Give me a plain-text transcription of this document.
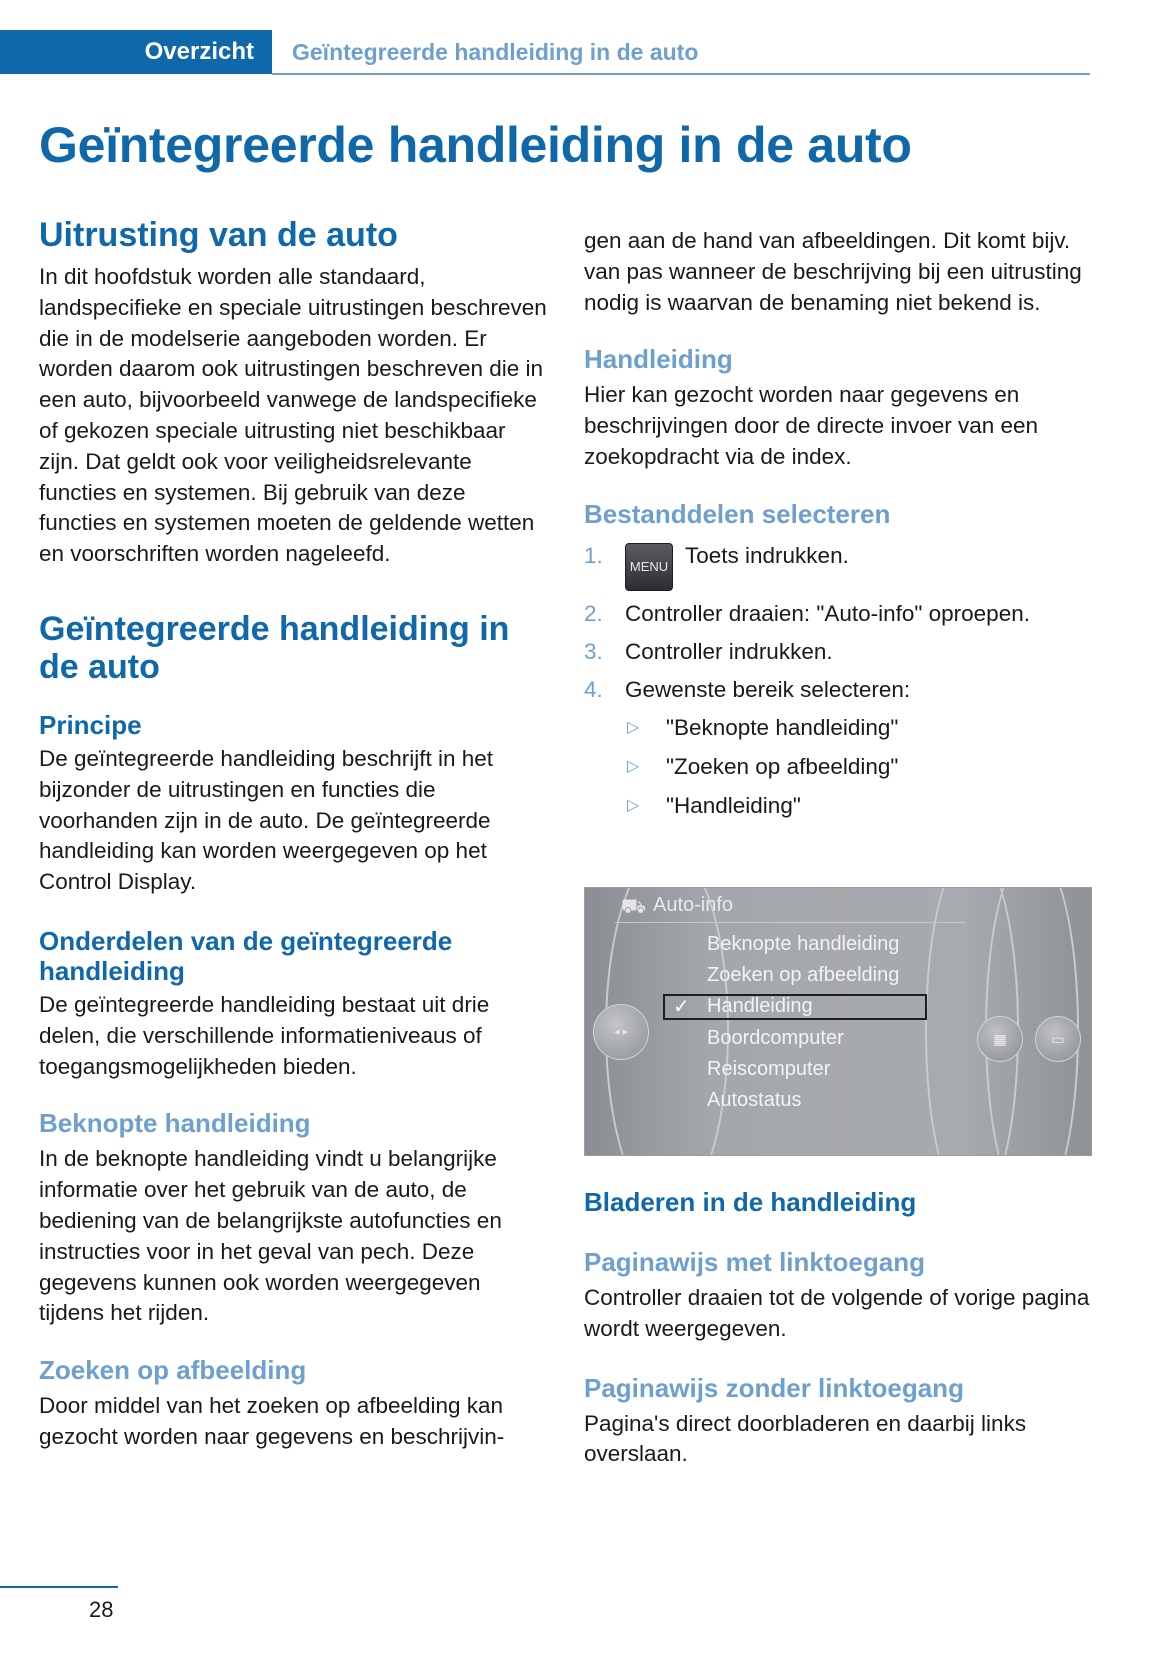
Overzicht	Geïntegreerde handleiding in de auto
Geïntegreerde handleiding in de auto
Uitrusting van de auto

In dit hoofdstuk worden alle standaard, landspecifieke en speciale uitrustingen beschreven die in de modelserie aangeboden worden. Er worden daarom ook uitrustingen beschreven die in een auto, bijvoorbeeld vanwege de landspecifieke of gekozen speciale uitrusting niet beschikbaar zijn. Dat geldt ook voor veiligheidsrelevante functies en systemen. Bij gebruik van deze functies en systemen moeten de geldende wetten en voorschriften worden nageleefd.

Geïntegreerde handleiding in de auto
Principe

De geïntegreerde handleiding beschrijft in het bijzonder de uitrustingen en functies die voorhanden zijn in de auto. De geïntegreerde handleiding kan worden weergegeven op het Control Display.

Onderdelen van de geïntegreerde handleiding

De geïntegreerde handleiding bestaat uit drie delen, die verschillende informatieniveaus of toegangsmogelijkheden bieden.

Beknopte handleiding

In de beknopte handleiding vindt u belangrijke informatie over het gebruik van de auto, de bediening van de belangrijkste autofuncties en instructies voor in het geval van pech. Deze gegevens kunnen ook worden weergegeven tijdens het rijden.

Zoeken op afbeelding

Door middel van het zoeken op afbeelding kan gezocht worden naar gegevens en beschrijvin-

gen aan de hand van afbeeldingen. Dit komt bijv. van pas wanneer de beschrijving bij een uitrusting nodig is waarvan de benaming niet bekend is.

Handleiding

Hier kan gezocht worden naar gegevens en beschrijvingen door de directe invoer van een zoekopdracht via de index.

Bestanddelen selecteren
1. MENU Toets indrukken.
2. Controller draaien: "Auto-info" oproepen.
3. Controller indrukken.
4. Gewenste bereik selecteren:
▷ "Beknopte handleiding"
▷ "Zoeken op afbeelding"
▷ "Handleiding"
⛟ Auto-info
◂ ▸	▦	▭
✓
Beknopte handleiding
Zoeken op afbeelding
Handleiding
Boordcomputer
Reiscomputer
Autostatus
Bladeren in de handleiding
Paginawijs met linktoegang

Controller draaien tot de volgende of vorige pagina wordt weergegeven.

Paginawijs zonder linktoegang

Pagina's direct doorbladeren en daarbij links overslaan.

28
